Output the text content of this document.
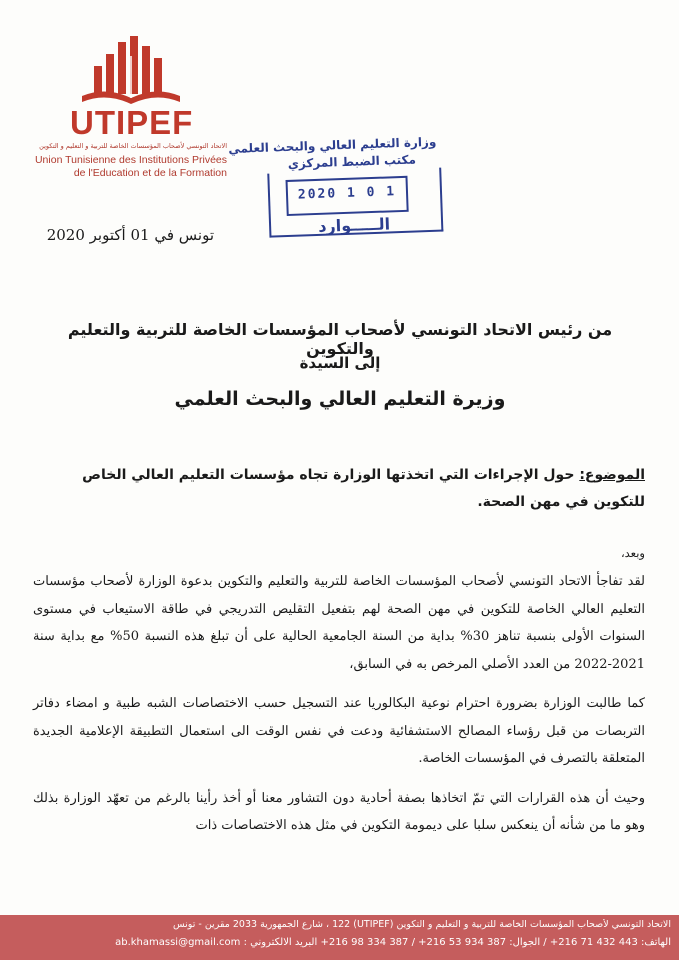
UTIPEF
الاتحاد التونسي لأصحاب المؤسسات الخاصة للتربية و التعليم و التكوين
Union Tunisienne des Institutions Privées
de l'Education et de la Formation
وزارة التعليم العالي والبحث العلمي
مكتب الضبط المركزي
2020 1 0 1
الـــــوارد
تونس في 01 أكتوبر 2020
من رئيس الاتحاد التونسي لأصحاب المؤسسات الخاصة للتربية والتعليم والتكوين
إلى السيدة
وزيرة التعليم العالي والبحث العلمي
الموضوع: حول الإجراءات التي اتخذتها الوزارة تجاه مؤسسات التعليم العالي الخاص للتكوين في مهن الصحة.
وبعد،

لقد تفاجأ الاتحاد التونسي لأصحاب المؤسسات الخاصة للتربية والتعليم والتكوين بدعوة الوزارة لأصحاب مؤسسات التعليم العالي الخاصة للتكوين في مهن الصحة لهم بتفعيل التقليص التدريجي في طاقة الاستيعاب في مستوى السنوات الأولى بنسبة تناهز 30% بداية من السنة الجامعية الحالية على أن تبلغ هذه النسبة 50% مع بداية سنة 2021-2022 من العدد الأصلي المرخص به في السابق،

كما طالبت الوزارة بضرورة احترام نوعية البكالوريا عند التسجيل حسب الاختصاصات الشبه طبية و امضاء دفاتر التربصات من قبل رؤساء المصالح الاستشفائية ودعت في نفس الوقت الى استعمال التطبيقة الإعلامية الجديدة المتعلقة بالتصرف في المؤسسات الخاصة.

وحيث أن هذه القرارات التي تمّ اتخاذها بصفة أحادية دون التشاور معنا أو أخذ رأينا بالرغم من تعهّد الوزارة بذلك وهو ما من شأنه أن ينعكس سلبا على ديمومة التكوين في مثل هذه الاختصاصات ذات

الاتحاد التونسي لأصحاب المؤسسات الخاصة للتربية و التعليم و التكوين (UTIPEF) 122 ، شارع الجمهورية 2033 مقرين - تونس
الهاتف: 443 432 71 216+ / الجوال: 387 934 53 216+ / 387 334 98 216+ البريد الالكتروني : ab.khamassi@gmail.com
